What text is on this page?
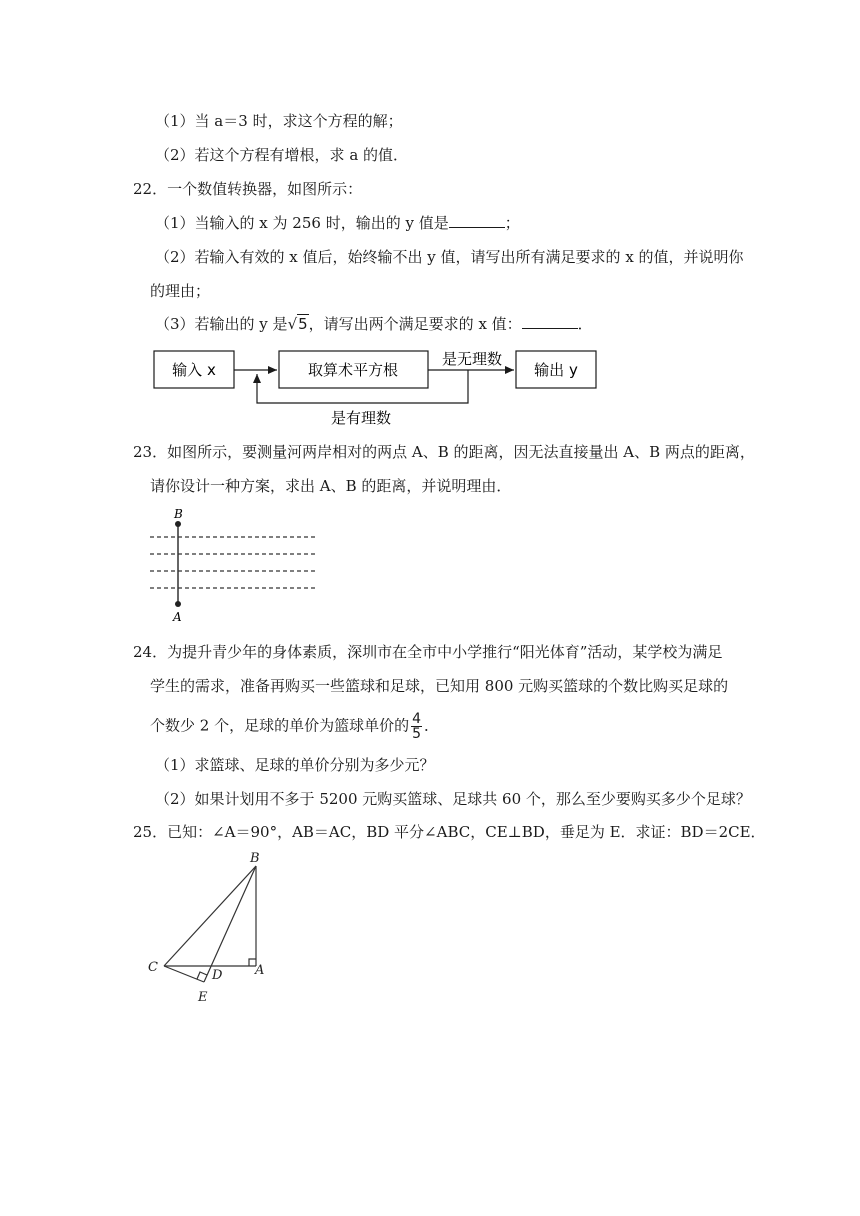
（1）当 a＝3 时，求这个方程的解；
（2）若这个方程有增根，求 a 的值．
22．一个数值转换器，如图所示：
（1）当输入的 x 为 256 时，输出的 y 值是	；
（2）若输入有效的 x 值后，始终输不出 y 值，请写出所有满足要求的 x 的值，并说明你
的理由；
（3）若输出的 y 是√5，请写出两个满足要求的 x 值：	．
输入 x	取算术平方根
是无理数
输出 y
是有理数
23．如图所示，要测量河两岸相对的两点 A、B 的距离，因无法直接量出 A、B 两点的距离，
请你设计一种方案，求出 A、B 的距离，并说明理由．
B
A
24．为提升青少年的身体素质，深圳市在全市中小学推行“阳光体育”活动，某学校为满足
学生的需求，准备再购买一些篮球和足球，已知用 800 元购买篮球的个数比购买足球的
个数少 2 个，足球的单价为篮球单价的 $\frac{4}{5}$ ．
（1）求篮球、足球的单价分别为多少元？
（2）如果计划用不多于 5200 元购买篮球、足球共 60 个，那么至少要购买多少个足球？
25．已知：∠A＝90°，AB＝AC，BD 平分∠ABC，CE⊥BD，垂足为 E．求证：BD＝2CE．
B
C
D	A
E
